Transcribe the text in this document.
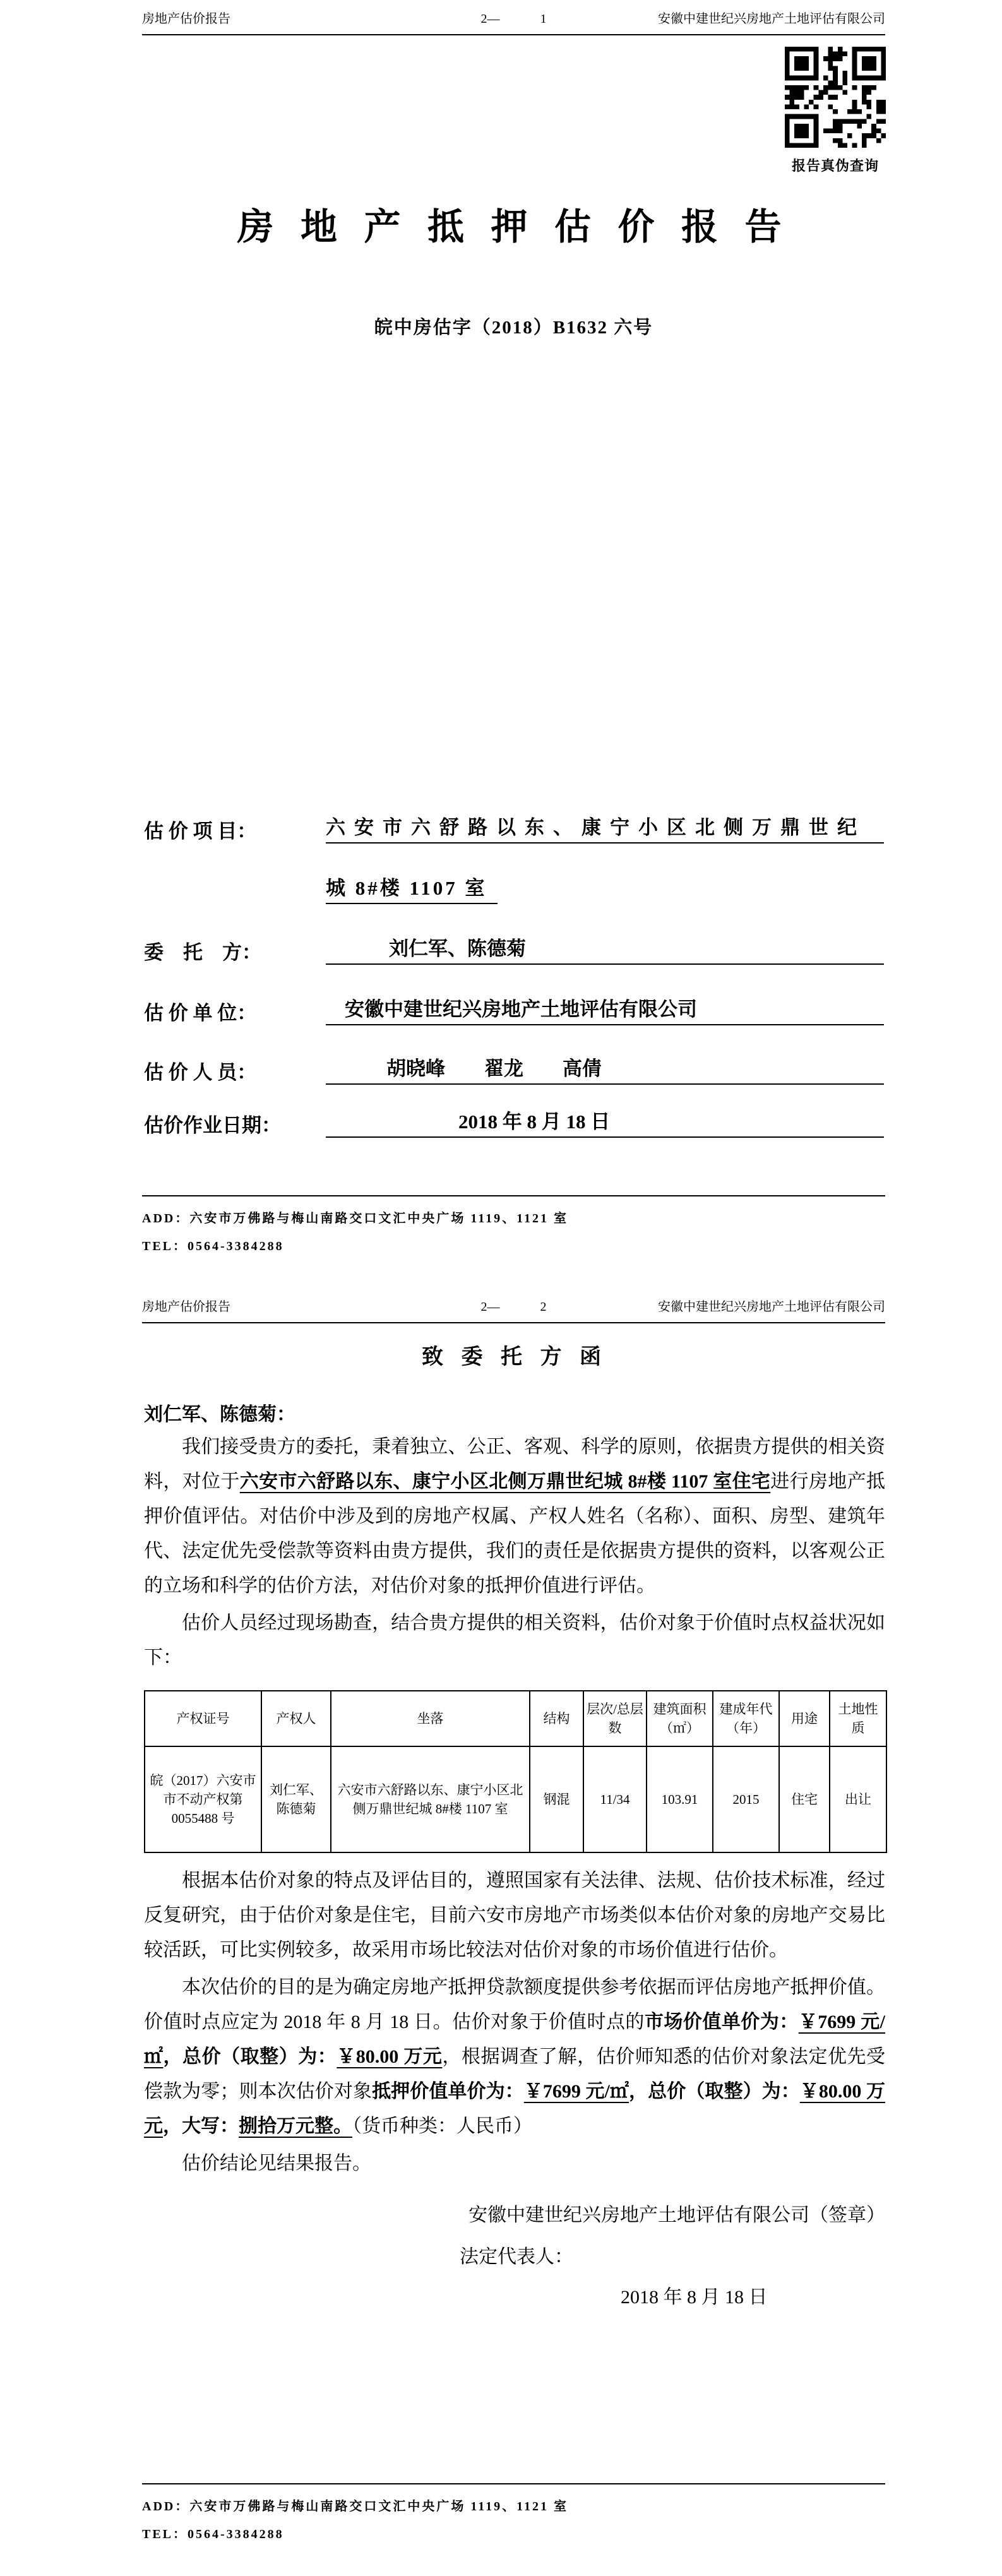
房地产估价报告	2—	1	安徽中建世纪兴房地产土地评估有限公司
报告真伪查询
房 地 产 抵 押 估 价 报 告
皖中房估字（2018）B1632 六号
估 价 项 目：	六安市六舒路以东、康宁小区北侧万鼎世纪
城 8#楼 1107 室
委　托　方：	刘仁军、陈德菊
估 价 单 位：	安徽中建世纪兴房地产土地评估有限公司
估 价 人 员：	胡晓峰　　翟龙　　高倩
估价作业日期：	2018 年 8 月 18 日
ADD：六安市万佛路与梅山南路交口文汇中央广场 1119、1121 室
TEL：0564-3384288
房地产估价报告	2—	2	安徽中建世纪兴房地产土地评估有限公司
致 委 托 方 函
刘仁军、陈德菊：

我们接受贵方的委托，秉着独立、公正、客观、科学的原则，依据贵方提供的相关资料，对位于六安市六舒路以东、康宁小区北侧万鼎世纪城 8#楼 1107 室住宅进行房地产抵押价值评估。对估价中涉及到的房地产权属、产权人姓名（名称）、面积、房型、建筑年代、法定优先受偿款等资料由贵方提供，我们的责任是依据贵方提供的资料，以客观公正的立场和科学的估价方法，对估价对象的抵押价值进行评估。

估价人员经过现场勘查，结合贵方提供的相关资料，估价对象于价值时点权益状况如下：

产权证号	产权人	坐落	结构	层次/总层数	建筑面积（㎡）	建成年代（年）	用途	土地性质
皖（2017）六安市市不动产权第0055488 号	刘仁军、陈德菊	六安市六舒路以东、康宁小区北侧万鼎世纪城 8#楼 1107 室	钢混	11/34	103.91	2015	住宅	出让

根据本估价对象的特点及评估目的，遵照国家有关法律、法规、估价技术标准，经过反复研究，由于估价对象是住宅，目前六安市房地产市场类似本估价对象的房地产交易比较活跃，可比实例较多，故采用市场比较法对估价对象的市场价值进行估价。

本次估价的目的是为确定房地产抵押贷款额度提供参考依据而评估房地产抵押价值。价值时点应定为 2018 年 8 月 18 日。估价对象于价值时点的市场价值单价为：￥7699 元/㎡，总价（取整）为：￥80.00 万元，根据调查了解，估价师知悉的估价对象法定优先受偿款为零；则本次估价对象抵押价值单价为：￥7699 元/㎡，总价（取整）为：￥80.00 万元，大写：捌拾万元整。（货币种类：人民币）

估价结论见结果报告。

安徽中建世纪兴房地产土地评估有限公司（签章）
法定代表人：
2018 年 8 月 18 日
ADD：六安市万佛路与梅山南路交口文汇中央广场 1119、1121 室
TEL：0564-3384288
